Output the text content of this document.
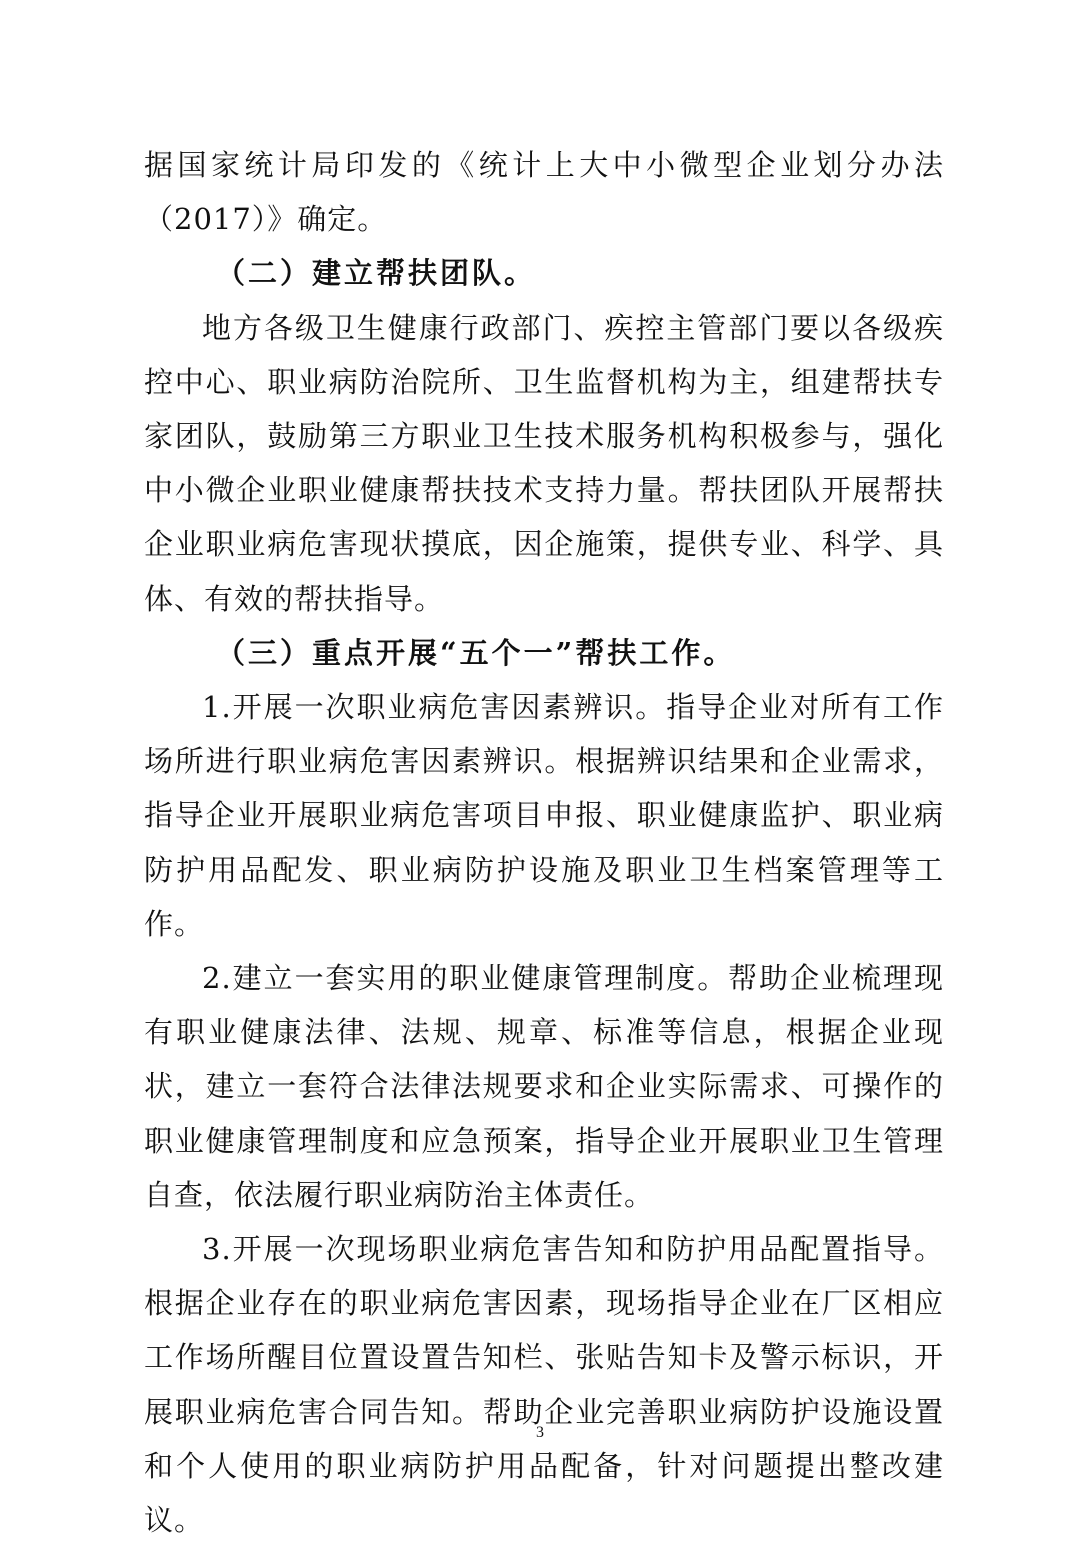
据国家统计局印发的《统计上大中小微型企业划分办法（2017）》确定。

（二）建立帮扶团队。

地方各级卫生健康行政部门、疾控主管部门要以各级疾控中心、职业病防治院所、卫生监督机构为主，组建帮扶专家团队，鼓励第三方职业卫生技术服务机构积极参与，强化中小微企业职业健康帮扶技术支持力量。帮扶团队开展帮扶企业职业病危害现状摸底，因企施策，提供专业、科学、具体、有效的帮扶指导。

（三）重点开展“五个一”帮扶工作。

1.开展一次职业病危害因素辨识。指导企业对所有工作场所进行职业病危害因素辨识。根据辨识结果和企业需求，指导企业开展职业病危害项目申报、职业健康监护、职业病防护用品配发、职业病防护设施及职业卫生档案管理等工作。

2.建立一套实用的职业健康管理制度。帮助企业梳理现有职业健康法律、法规、规章、标准等信息，根据企业现状，建立一套符合法律法规要求和企业实际需求、可操作的职业健康管理制度和应急预案，指导企业开展职业卫生管理自查，依法履行职业病防治主体责任。

3.开展一次现场职业病危害告知和防护用品配置指导。根据企业存在的职业病危害因素，现场指导企业在厂区相应工作场所醒目位置设置告知栏、张贴告知卡及警示标识，开展职业病危害合同告知。帮助企业完善职业病防护设施设置和个人使用的职业病防护用品配备，针对问题提出整改建议。

3
